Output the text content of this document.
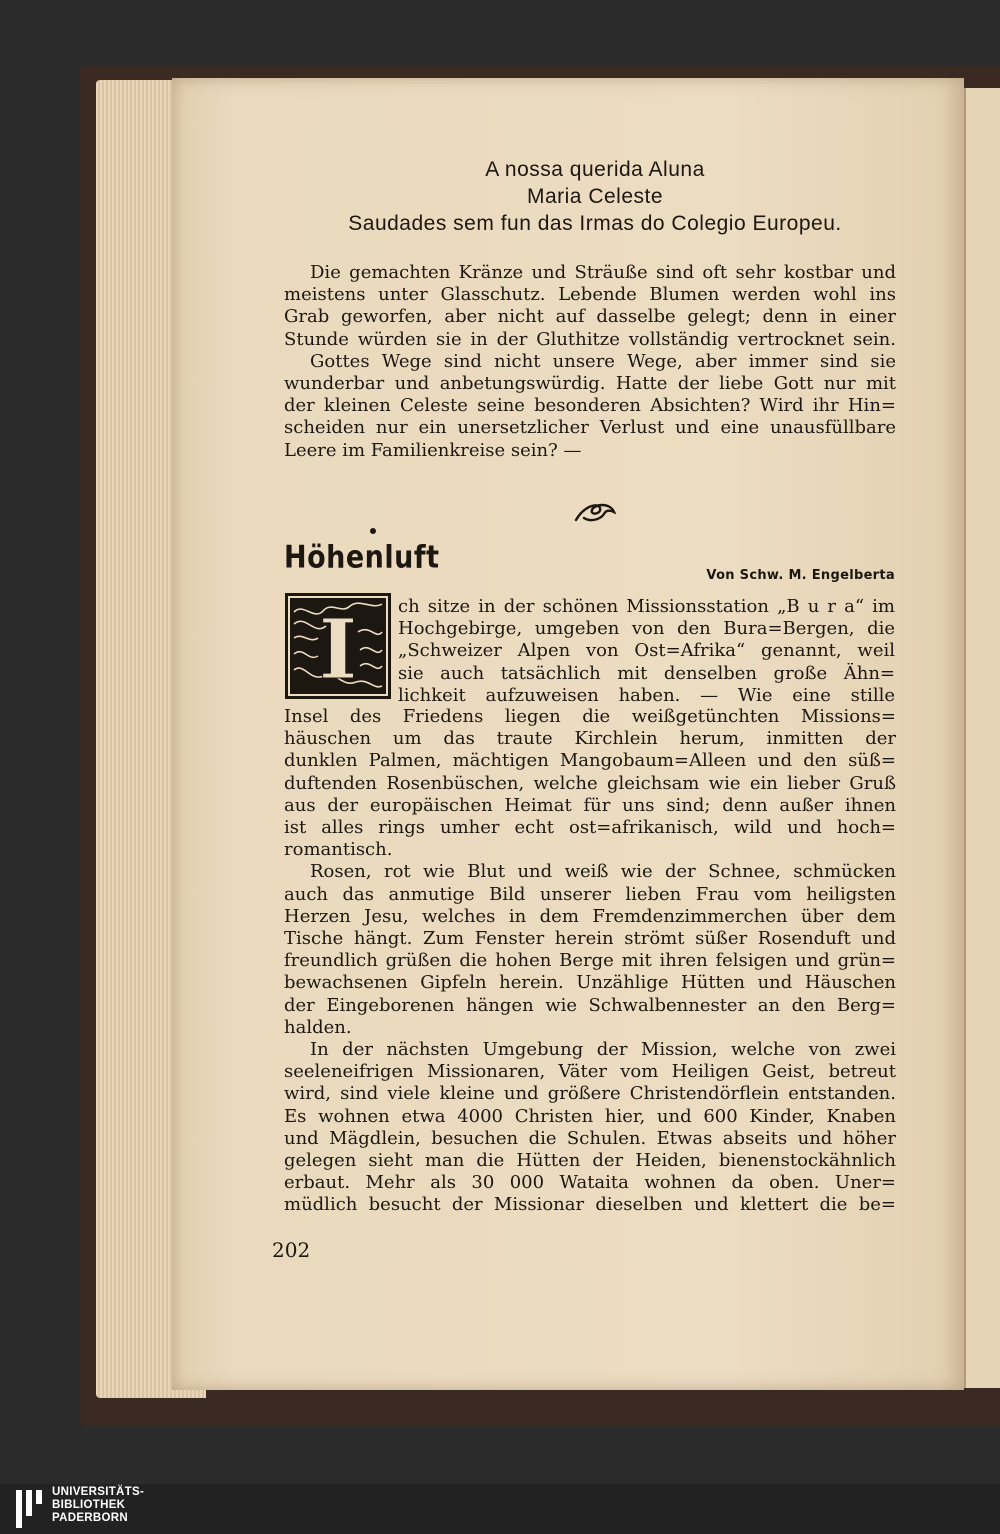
A nossa querida Aluna
Maria Celeste
Saudades sem fun das Irmas do Colegio Europeu.
Die gemachten Kränze und Sträuße sind oft sehr kostbar und
meistens unter Glasschutz. Lebende Blumen werden wohl ins
Grab geworfen, aber nicht auf dasselbe gelegt; denn in einer
Stunde würden sie in der Gluthitze vollständig vertrocknet sein.
Gottes Wege sind nicht unsere Wege, aber immer sind sie
wunderbar und anbetungswürdig. Hatte der liebe Gott nur mit
der kleinen Celeste seine besonderen Absichten? Wird ihr Hin=
scheiden nur ein unersetzlicher Verlust und eine unausfüllbare
Leere im Familienkreise sein? —
Höhenluft	Von Schw. M. Engelberta
I ch sitze in der schönen Missionsstation „B u r a“ im
Hochgebirge, umgeben von den Bura=Bergen, die
„Schweizer Alpen von Ost=Afrika“ genannt, weil
sie auch tatsächlich mit denselben große Ähn=
lichkeit aufzuweisen haben. — Wie eine stille
Insel des Friedens liegen die weißgetünchten Missions=
häuschen um das traute Kirchlein herum, inmitten der
dunklen Palmen, mächtigen Mangobaum=Alleen und den süß=
duftenden Rosenbüschen, welche gleichsam wie ein lieber Gruß
aus der europäischen Heimat für uns sind; denn außer ihnen
ist alles rings umher echt ost=afrikanisch, wild und hoch=
romantisch.
Rosen, rot wie Blut und weiß wie der Schnee, schmücken
auch das anmutige Bild unserer lieben Frau vom heiligsten
Herzen Jesu, welches in dem Fremdenzimmerchen über dem
Tische hängt. Zum Fenster herein strömt süßer Rosenduft und
freundlich grüßen die hohen Berge mit ihren felsigen und grün=
bewachsenen Gipfeln herein. Unzählige Hütten und Häuschen
der Eingeborenen hängen wie Schwalbennester an den Berg=
halden.
In der nächsten Umgebung der Mission, welche von zwei
seeleneifrigen Missionaren, Väter vom Heiligen Geist, betreut
wird, sind viele kleine und größere Christendörflein entstanden.
Es wohnen etwa 4000 Christen hier, und 600 Kinder, Knaben
und Mägdlein, besuchen die Schulen. Etwas abseits und höher
gelegen sieht man die Hütten der Heiden, bienenstockähnlich
erbaut. Mehr als 30 000 Wataita wohnen da oben. Uner=
müdlich besucht der Missionar dieselben und klettert die be=
202
UNIVERSITÄTS-
BIBLIOTHEK
PADERBORN
